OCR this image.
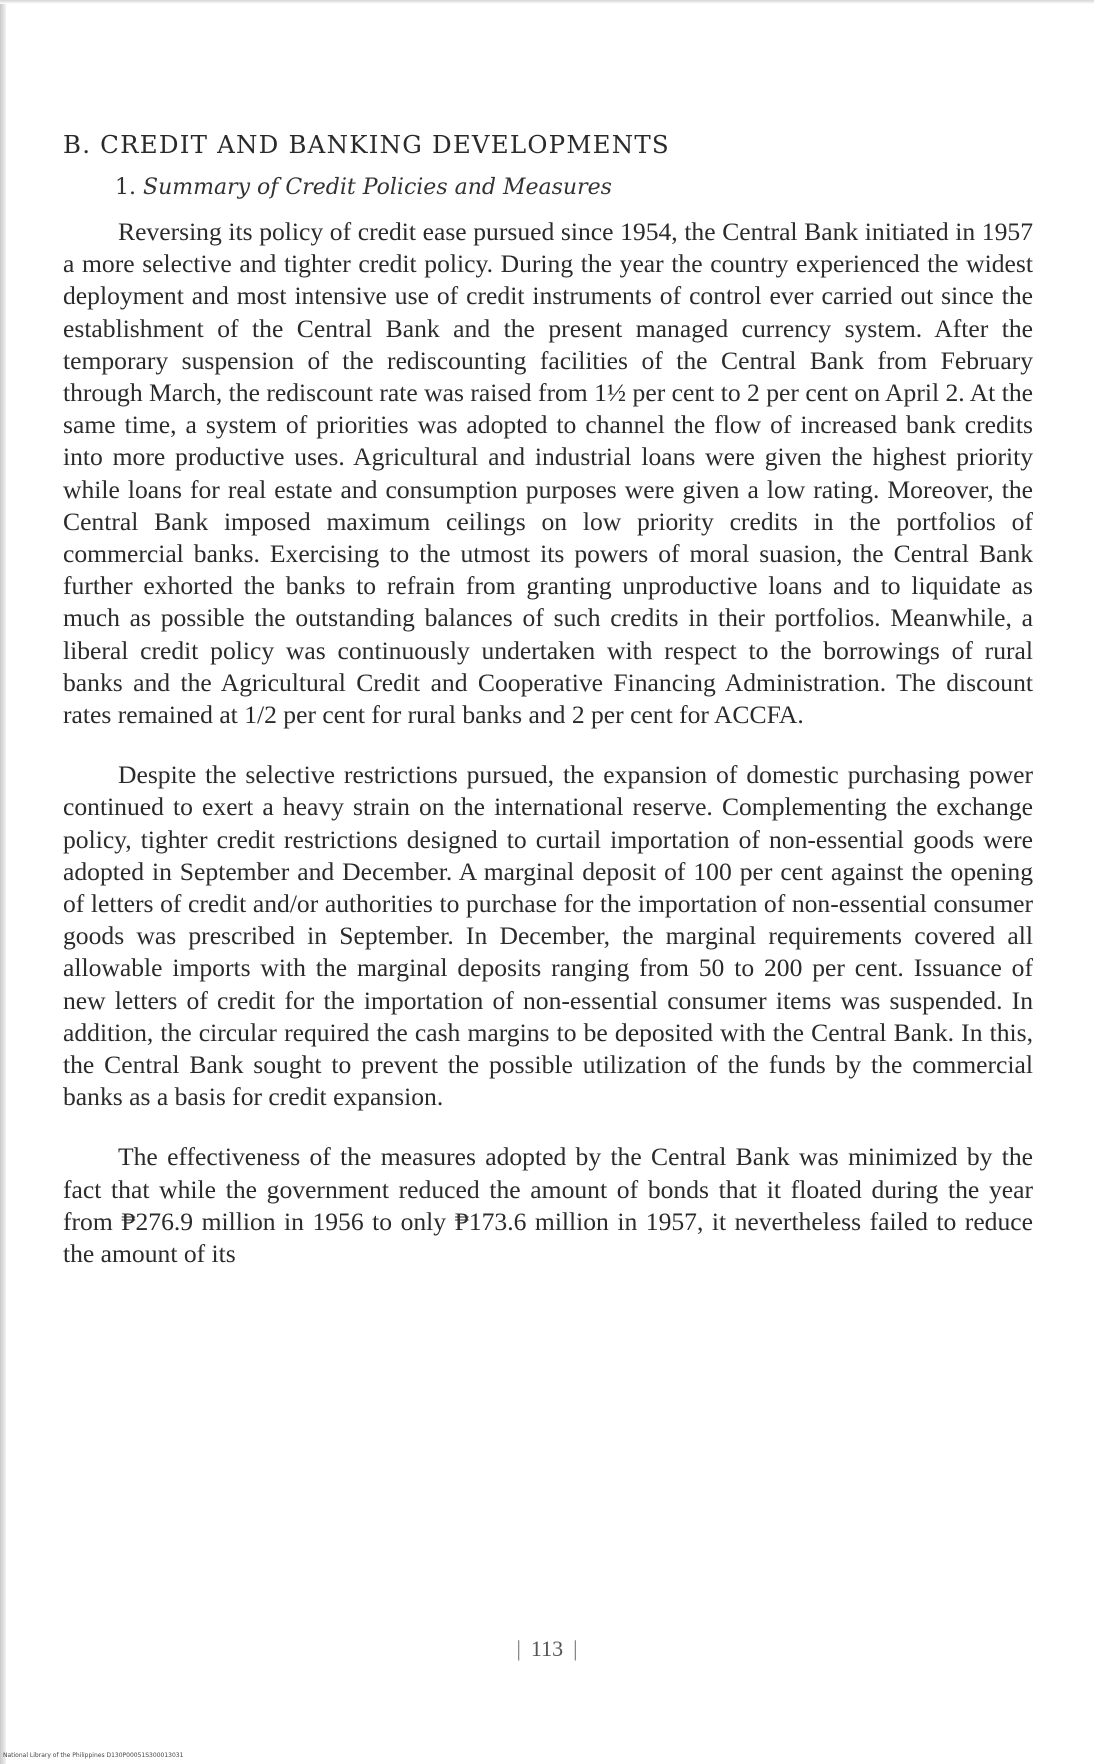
B. CREDIT AND BANKING DEVELOPMENTS
1. Summary of Credit Policies and Measures

Reversing its policy of credit ease pursued since 1954, the Central Bank initiated in 1957 a more selective and tighter credit policy. During the year the country experienced the widest deployment and most intensive use of credit instruments of control ever carried out since the establishment of the Central Bank and the present managed currency system. After the temporary suspension of the rediscounting facilities of the Central Bank from February through March, the rediscount rate was raised from 1½ per cent to 2 per cent on April 2. At the same time, a system of priorities was adopted to channel the flow of increased bank credits into more productive uses. Agricultural and industrial loans were given the highest priority while loans for real estate and consumption purposes were given a low rating. Moreover, the Central Bank imposed maximum ceilings on low priority credits in the portfolios of commercial banks. Exercising to the utmost its powers of moral suasion, the Central Bank further exhorted the banks to refrain from granting unproductive loans and to liquidate as much as possible the outstanding balances of such credits in their portfolios. Meanwhile, a liberal credit policy was continuously undertaken with respect to the borrowings of rural banks and the Agricultural Credit and Cooperative Financing Administration. The discount rates remained at 1/2 per cent for rural banks and 2 per cent for ACCFA.

Despite the selective restrictions pursued, the expansion of domestic purchasing power continued to exert a heavy strain on the international reserve. Complementing the exchange policy, tighter credit restrictions designed to curtail importation of non-essential goods were adopted in September and December. A marginal deposit of 100 per cent against the opening of letters of credit and/or authorities to purchase for the importation of non-essential consumer goods was prescribed in September. In December, the marginal requirements covered all allowable imports with the marginal deposits ranging from 50 to 200 per cent. Issuance of new letters of credit for the importation of non-essential consumer items was suspended. In addition, the circular required the cash margins to be deposited with the Central Bank. In this, the Central Bank sought to prevent the possible utilization of the funds by the commercial banks as a basis for credit expansion.

The effectiveness of the measures adopted by the Central Bank was minimized by the fact that while the government reduced the amount of bonds that it floated during the year from ₱276.9 million in 1956 to only ₱173.6 million in 1957, it nevertheless failed to reduce the amount of its

| 113 |
National Library of the Philippines D130P00051S300013031
